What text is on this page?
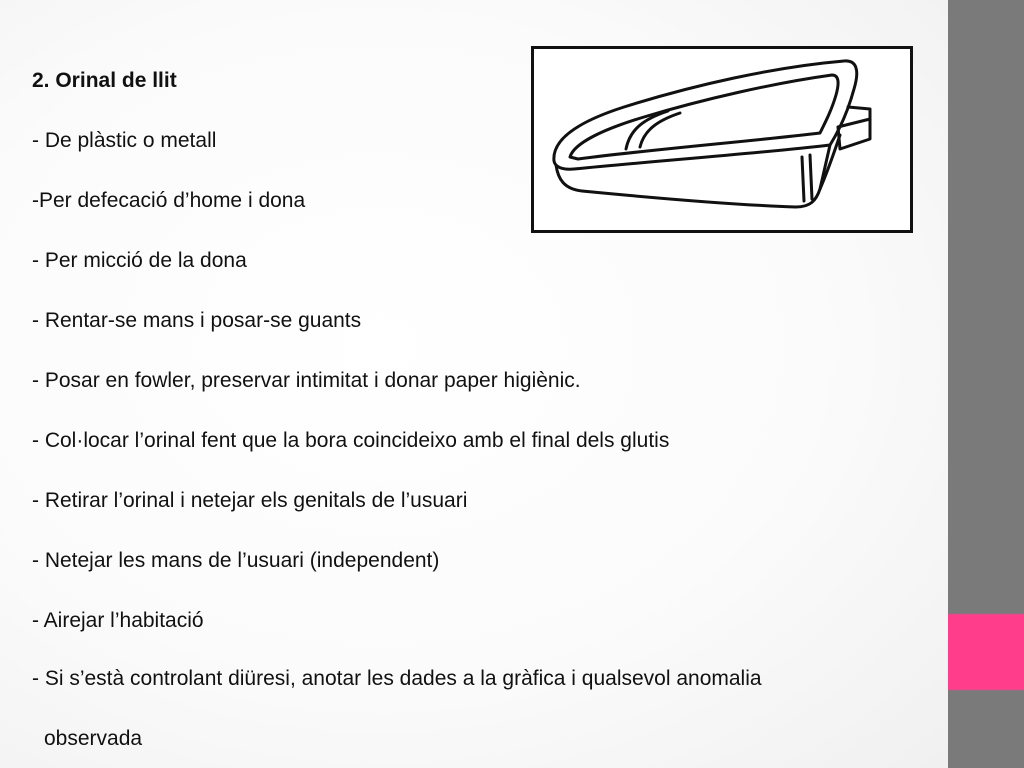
2. Orinal de llit
- De plàstic o metall
-Per defecació d’home i dona
- Per micció de la dona
- Rentar-se mans i posar-se guants
- Posar en fowler, preservar intimitat i donar paper higiènic.
- Col·locar l’orinal fent que la bora coincideixo amb el final dels glutis
- Retirar l’orinal i netejar els genitals de l’usuari
- Netejar les mans de l’usuari (independent)
- Airejar l’habitació
- Si s’està controlant diüresi, anotar les dades a la gràfica i qualsevol anomalia
observada
